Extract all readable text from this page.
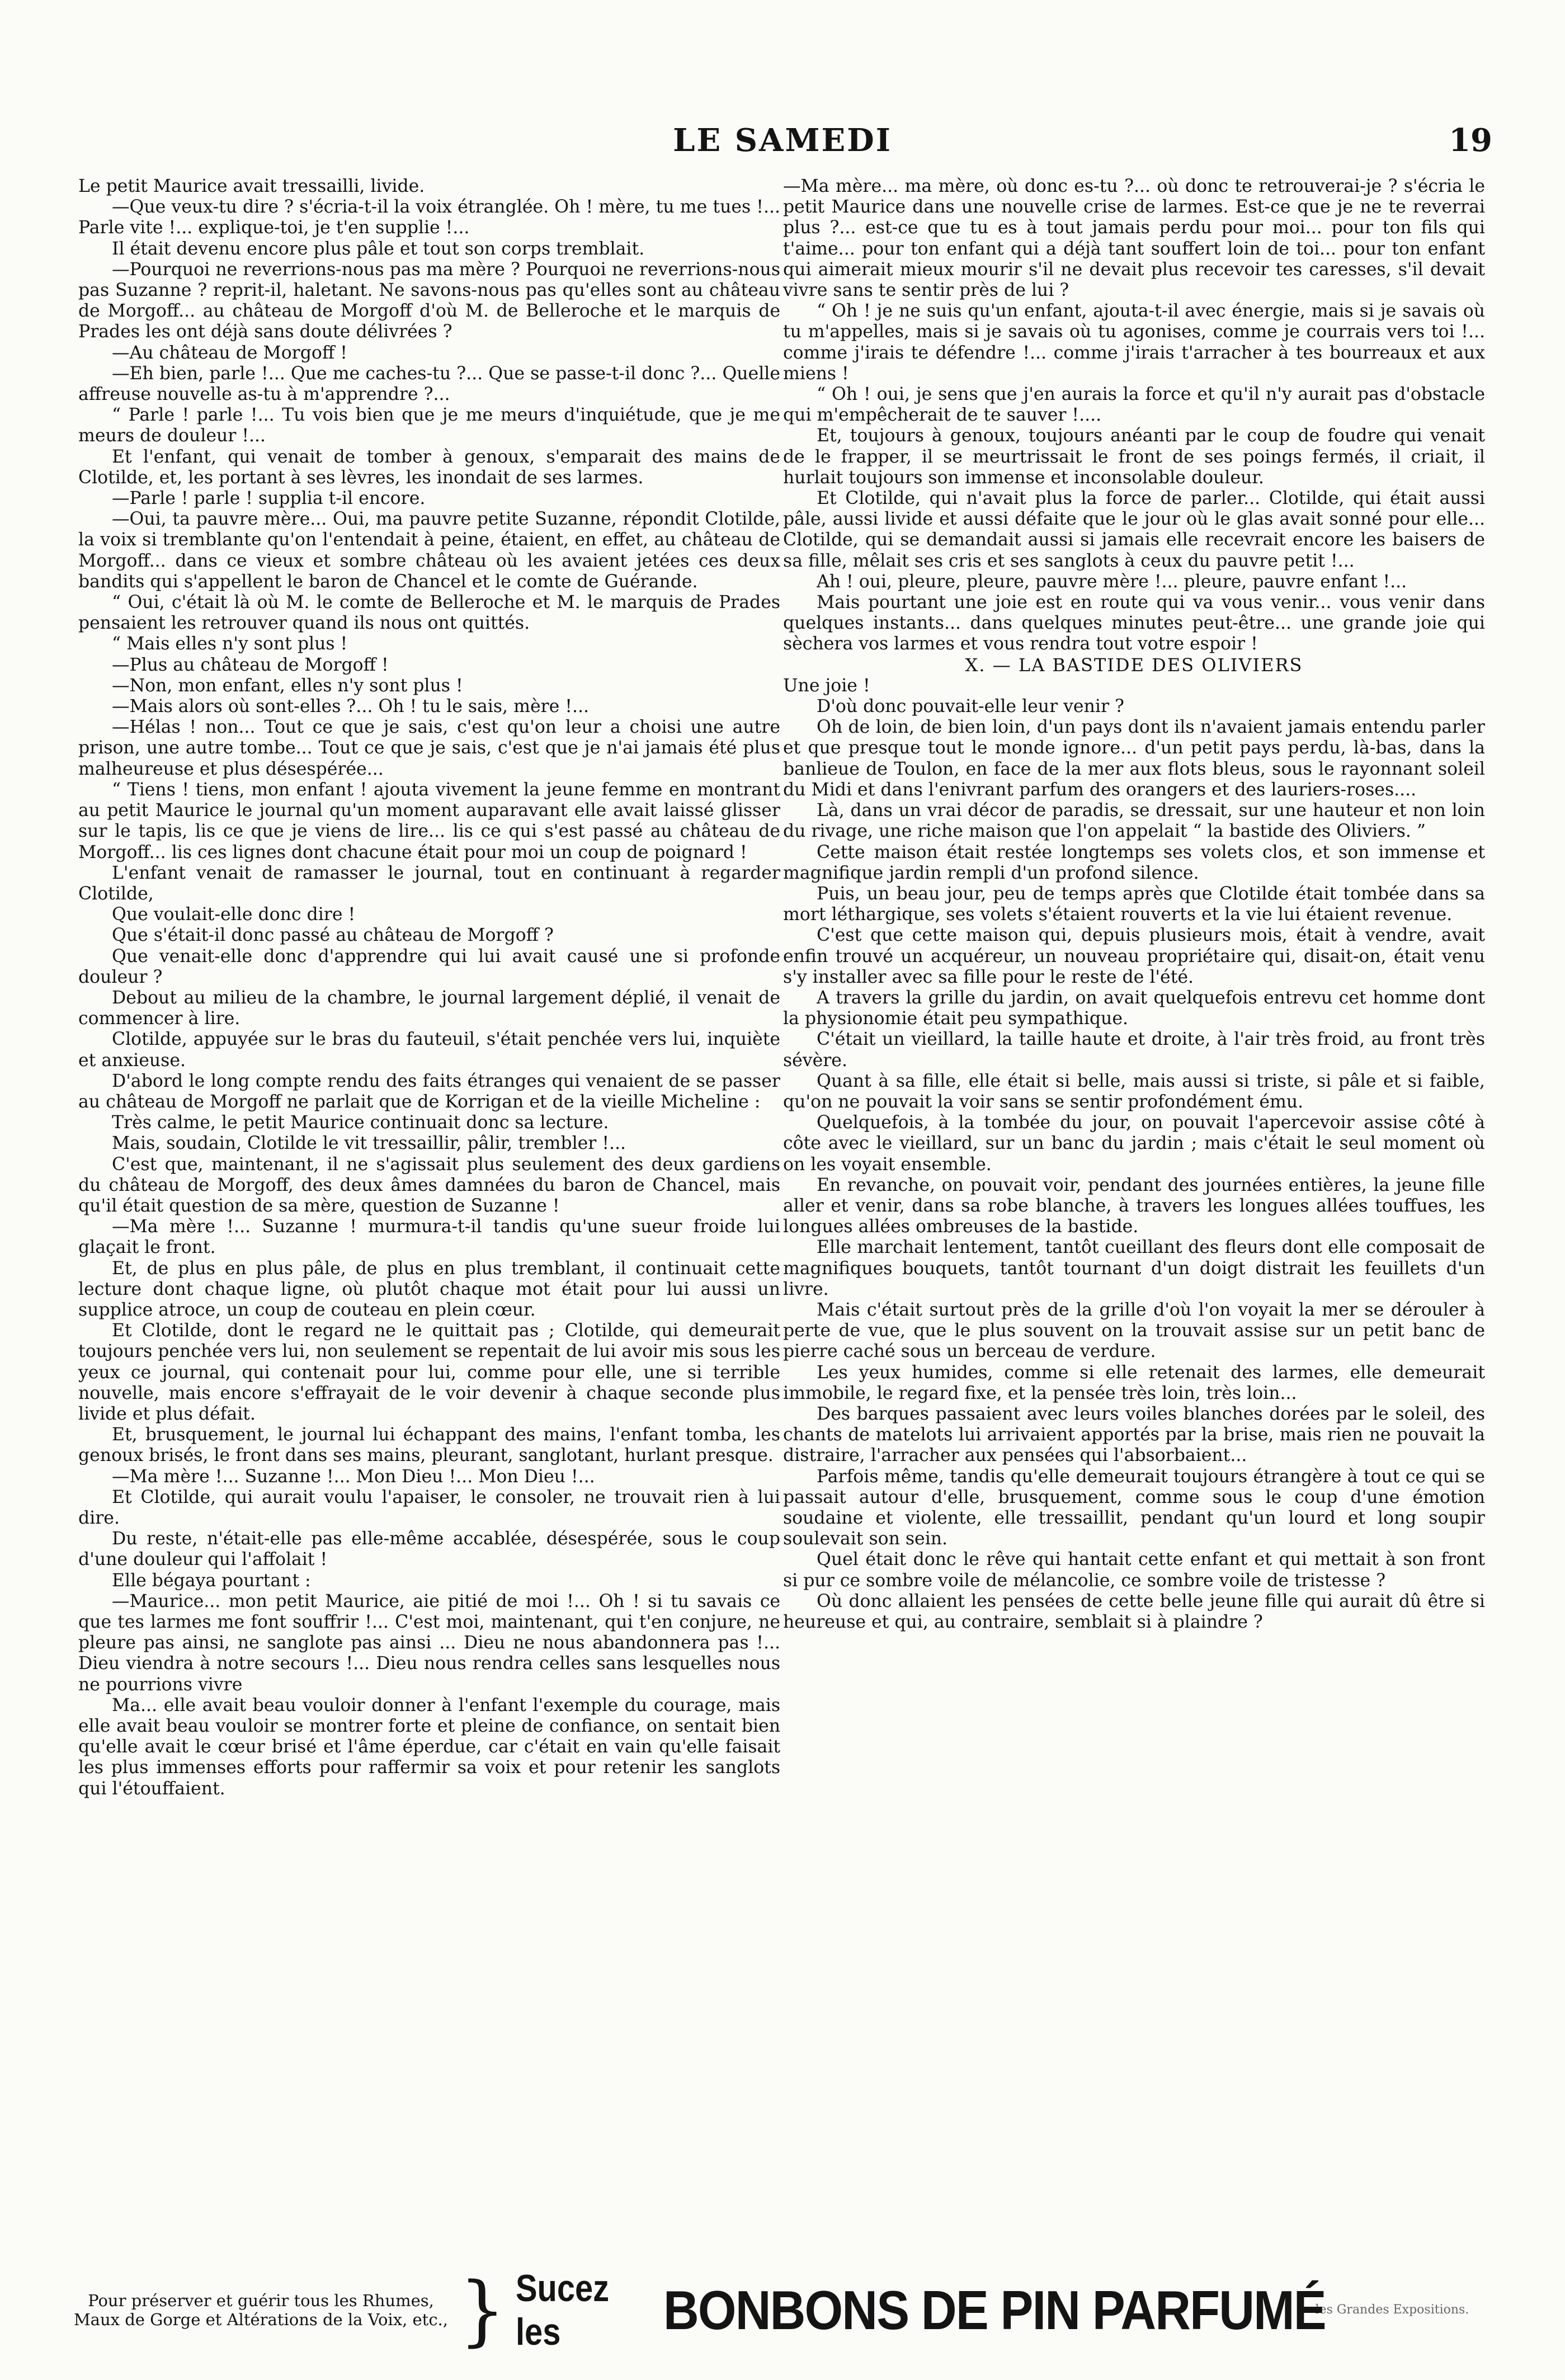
LE SAMEDI	19

Le petit Maurice avait tressailli, livide.

—Que veux-tu dire ? s'écria-t-il la voix étranglée. Oh ! mère, tu me tues !... Parle vite !... explique-toi, je t'en supplie !...

Il était devenu encore plus pâle et tout son corps tremblait.

—Pourquoi ne reverrions-nous pas ma mère ? Pourquoi ne reverrions-nous pas Suzanne ? reprit-il, haletant. Ne savons-nous pas qu'elles sont au château de Morgoff... au château de Morgoff d'où M. de Belleroche et le marquis de Prades les ont déjà sans doute délivrées ?

—Au château de Morgoff !

—Eh bien, parle !... Que me caches-tu ?... Que se passe-t-il donc ?... Quelle affreuse nouvelle as-tu à m'apprendre ?...

“ Parle ! parle !... Tu vois bien que je me meurs d'inquiétude, que je me meurs de douleur !...

Et l'enfant, qui venait de tomber à genoux, s'emparait des mains de Clotilde, et, les portant à ses lèvres, les inondait de ses larmes.

—Parle ! parle ! supplia t-il encore.

—Oui, ta pauvre mère... Oui, ma pauvre petite Suzanne, répondit Clotilde, la voix si tremblante qu'on l'entendait à peine, étaient, en effet, au château de Morgoff... dans ce vieux et sombre château où les avaient jetées ces deux bandits qui s'appellent le baron de Chancel et le comte de Guérande.

“ Oui, c'était là où M. le comte de Belleroche et M. le marquis de Prades pensaient les retrouver quand ils nous ont quittés.

“ Mais elles n'y sont plus !

—Plus au château de Morgoff !

—Non, mon enfant, elles n'y sont plus !

—Mais alors où sont-elles ?... Oh ! tu le sais, mère !...

—Hélas ! non... Tout ce que je sais, c'est qu'on leur a choisi une autre prison, une autre tombe... Tout ce que je sais, c'est que je n'ai jamais été plus malheureuse et plus désespérée...

“ Tiens ! tiens, mon enfant ! ajouta vivement la jeune femme en montrant au petit Maurice le journal qu'un moment auparavant elle avait laissé glisser sur le tapis, lis ce que je viens de lire... lis ce qui s'est passé au château de Morgoff... lis ces lignes dont chacune était pour moi un coup de poignard !

L'enfant venait de ramasser le journal, tout en continuant à regarder Clotilde,

Que voulait-elle donc dire !

Que s'était-il donc passé au château de Morgoff ?

Que venait-elle donc d'apprendre qui lui avait causé une si profonde douleur ?

Debout au milieu de la chambre, le journal largement déplié, il venait de commencer à lire.

Clotilde, appuyée sur le bras du fauteuil, s'était penchée vers lui, inquiète et anxieuse.

D'abord le long compte rendu des faits étranges qui venaient de se passer au château de Morgoff ne parlait que de Korrigan et de la vieille Micheline :

Très calme, le petit Maurice continuait donc sa lecture.

Mais, soudain, Clotilde le vit tressaillir, pâlir, trembler !...

C'est que, maintenant, il ne s'agissait plus seulement des deux gardiens du château de Morgoff, des deux âmes damnées du baron de Chancel, mais qu'il était question de sa mère, question de Suzanne !

—Ma mère !... Suzanne ! murmura-t-il tandis qu'une sueur froide lui glaçait le front.

Et, de plus en plus pâle, de plus en plus tremblant, il continuait cette lecture dont chaque ligne, où plutôt chaque mot était pour lui aussi un supplice atroce, un coup de couteau en plein cœur.

Et Clotilde, dont le regard ne le quittait pas ; Clotilde, qui demeurait toujours penchée vers lui, non seulement se repentait de lui avoir mis sous les yeux ce journal, qui contenait pour lui, comme pour elle, une si terrible nouvelle, mais encore s'effrayait de le voir devenir à chaque seconde plus livide et plus défait.

Et, brusquement, le journal lui échappant des mains, l'enfant tomba, les genoux brisés, le front dans ses mains, pleurant, sanglotant, hurlant presque.

—Ma mère !... Suzanne !... Mon Dieu !... Mon Dieu !...

Et Clotilde, qui aurait voulu l'apaiser, le consoler, ne trouvait rien à lui dire.

Du reste, n'était-elle pas elle-même accablée, désespérée, sous le coup d'une douleur qui l'affolait !

Elle bégaya pourtant :

—Maurice... mon petit Maurice, aie pitié de moi !... Oh ! si tu savais ce que tes larmes me font souffrir !... C'est moi, maintenant, qui t'en conjure, ne pleure pas ainsi, ne sanglote pas ainsi ... Dieu ne nous abandonnera pas !... Dieu viendra à notre secours !... Dieu nous rendra celles sans lesquelles nous ne pourrions vivre

Ma... elle avait beau vouloir donner à l'enfant l'exemple du courage, mais elle avait beau vouloir se montrer forte et pleine de confiance, on sentait bien qu'elle avait le cœur brisé et l'âme éperdue, car c'était en vain qu'elle faisait les plus immenses efforts pour raffermir sa voix et pour retenir les sanglots qui l'étouffaient.

—Ma mère... ma mère, où donc es-tu ?... où donc te retrouverai-je ? s'écria le petit Maurice dans une nouvelle crise de larmes. Est-ce que je ne te reverrai plus ?... est-ce que tu es à tout jamais perdu pour moi... pour ton fils qui t'aime... pour ton enfant qui a déjà tant souffert loin de toi... pour ton enfant qui aimerait mieux mourir s'il ne devait plus recevoir tes caresses, s'il devait vivre sans te sentir près de lui ?

“ Oh ! je ne suis qu'un enfant, ajouta-t-il avec énergie, mais si je savais où tu m'appelles, mais si je savais où tu agonises, comme je courrais vers toi !... comme j'irais te défendre !... comme j'irais t'arracher à tes bourreaux et aux miens !

“ Oh ! oui, je sens que j'en aurais la force et qu'il n'y aurait pas d'obstacle qui m'empêcherait de te sauver !....

Et, toujours à genoux, toujours anéanti par le coup de foudre qui venait de le frapper, il se meurtrissait le front de ses poings fermés, il criait, il hurlait toujours son immense et inconsolable douleur.

Et Clotilde, qui n'avait plus la force de parler... Clotilde, qui était aussi pâle, aussi livide et aussi défaite que le jour où le glas avait sonné pour elle... Clotilde, qui se demandait aussi si jamais elle recevrait encore les baisers de sa fille, mêlait ses cris et ses sanglots à ceux du pauvre petit !...

Ah ! oui, pleure, pleure, pauvre mère !... pleure, pauvre enfant !...

Mais pourtant une joie est en route qui va vous venir... vous venir dans quelques instants... dans quelques minutes peut-être... une grande joie qui sèchera vos larmes et vous rendra tout votre espoir !

X. — LA BASTIDE DES OLIVIERS

Une joie !

D'où donc pouvait-elle leur venir ?

Oh de loin, de bien loin, d'un pays dont ils n'avaient jamais entendu parler et que presque tout le monde ignore... d'un petit pays perdu, là-bas, dans la banlieue de Toulon, en face de la mer aux flots bleus, sous le rayonnant soleil du Midi et dans l'enivrant parfum des orangers et des lauriers-roses....

Là, dans un vrai décor de paradis, se dressait, sur une hauteur et non loin du rivage, une riche maison que l'on appelait “ la bastide des Oliviers. ”

Cette maison était restée longtemps ses volets clos, et son immense et magnifique jardin rempli d'un profond silence.

Puis, un beau jour, peu de temps après que Clotilde était tombée dans sa mort léthargique, ses volets s'étaient rouverts et la vie lui étaient revenue.

C'est que cette maison qui, depuis plusieurs mois, était à vendre, avait enfin trouvé un acquéreur, un nouveau propriétaire qui, disait-on, était venu s'y installer avec sa fille pour le reste de l'été.

A travers la grille du jardin, on avait quelquefois entrevu cet homme dont la physionomie était peu sympathique.

C'était un vieillard, la taille haute et droite, à l'air très froid, au front très sévère.

Quant à sa fille, elle était si belle, mais aussi si triste, si pâle et si faible, qu'on ne pouvait la voir sans se sentir profondément ému.

Quelquefois, à la tombée du jour, on pouvait l'apercevoir assise côté à côte avec le vieillard, sur un banc du jardin ; mais c'était le seul moment où on les voyait ensemble.

En revanche, on pouvait voir, pendant des journées entières, la jeune fille aller et venir, dans sa robe blanche, à travers les longues allées touffues, les longues allées ombreuses de la bastide.

Elle marchait lentement, tantôt cueillant des fleurs dont elle composait de magnifiques bouquets, tantôt tournant d'un doigt distrait les feuillets d'un livre.

Mais c'était surtout près de la grille d'où l'on voyait la mer se dérouler à perte de vue, que le plus souvent on la trouvait assise sur un petit banc de pierre caché sous un berceau de verdure.

Les yeux humides, comme si elle retenait des larmes, elle demeurait immobile, le regard fixe, et la pensée très loin, très loin...

Des barques passaient avec leurs voiles blanches dorées par le soleil, des chants de matelots lui arrivaient apportés par la brise, mais rien ne pouvait la distraire, l'arracher aux pensées qui l'absorbaient...

Parfois même, tandis qu'elle demeurait toujours étrangère à tout ce qui se passait autour d'elle, brusquement, comme sous le coup d'une émotion soudaine et violente, elle tressaillit, pendant qu'un lourd et long soupir soulevait son sein.

Quel était donc le rêve qui hantait cette enfant et qui mettait à son front si pur ce sombre voile de mélancolie, ce sombre voile de tristesse ?

Où donc allaient les pensées de cette belle jeune fille qui aurait dû être si heureuse et qui, au contraire, semblait si à plaindre ?

Pour préserver et guérir tous les Rhumes, Maux de Gorge et Altérations de la Voix, etc., } Sucez les	BONBONS DE PIN PARFUMÉ
les Grandes Expositions.
